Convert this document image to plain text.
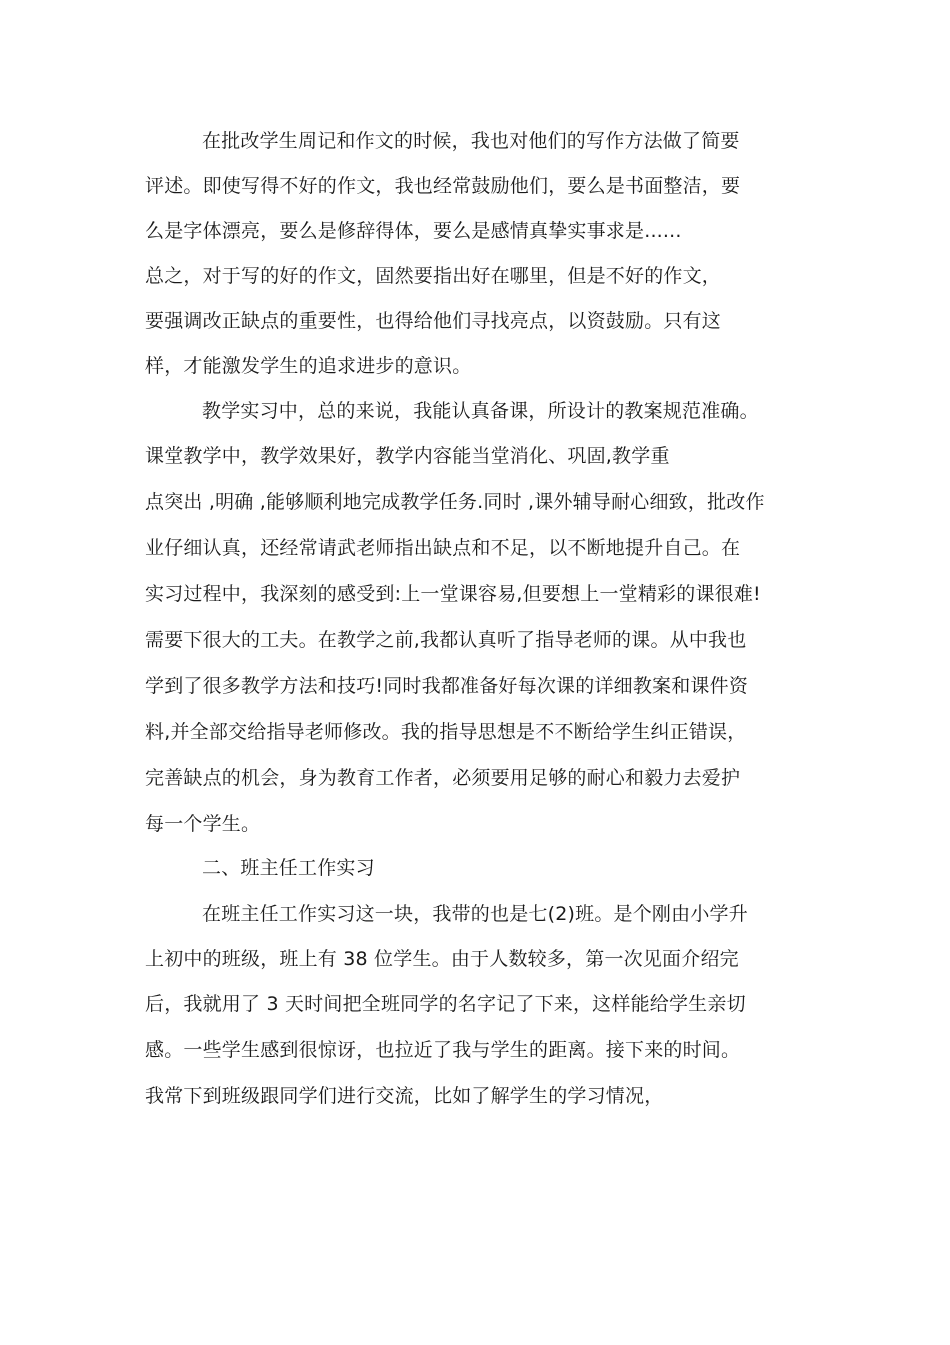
在批改学生周记和作文的时候，我也对他们的写作方法做了简要

评述。即使写得不好的作文，我也经常鼓励他们，要么是书面整洁，要

么是字体漂亮，要么是修辞得体，要么是感情真挚实事求是......

总之，对于写的好的作文，固然要指出好在哪里，但是不好的作文，

要强调改正缺点的重要性，也得给他们寻找亮点，以资鼓励。只有这

样，才能激发学生的追求进步的意识。

教学实习中，总的来说，我能认真备课，所设计的教案规范准确。

课堂教学中，教学效果好，教学内容能当堂消化、巩固,教学重

点突出 ,明确 ,能够顺利地完成教学任务.同时 ,课外辅导耐心细致，批改作

业仔细认真，还经常请武老师指出缺点和不足，以不断地提升自己。在

实习过程中，我深刻的感受到:上一堂课容易,但要想上一堂精彩的课很难!

需要下很大的工夫。在教学之前,我都认真听了指导老师的课。从中我也

学到了很多教学方法和技巧!同时我都准备好每次课的详细教案和课件资

料,并全部交给指导老师修改。我的指导思想是不不断给学生纠正错误，

完善缺点的机会，身为教育工作者，必须要用足够的耐心和毅力去爱护

每一个学生。

二、班主任工作实习

在班主任工作实习这一块，我带的也是七(2)班。是个刚由小学升

上初中的班级，班上有 38 位学生。由于人数较多，第一次见面介绍完

后，我就用了 3 天时间把全班同学的名字记了下来，这样能给学生亲切

感。一些学生感到很惊讶，也拉近了我与学生的距离。接下来的时间。

我常下到班级跟同学们进行交流，比如了解学生的学习情况，
